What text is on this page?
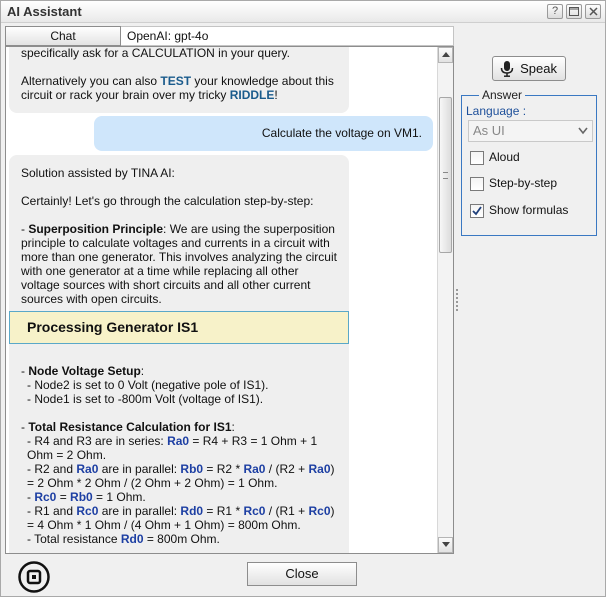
AI Assistant	?
Chat	OpenAI: gpt-4o

specifically ask for a CALCULATION in your query.

Alternatively you can also TEST your knowledge about this circuit or rack your brain over my tricky RIDDLE!

Calculate the voltage on VM1.

Solution assisted by TINA AI:

Certainly! Let's go through the calculation step-by-step:

- Superposition Principle: We are using the superposition principle to calculate voltages and currents in a circuit with more than one generator. This involves analyzing the circuit with one generator at a time while replacing all other voltage sources with short circuits and all other current sources with open circuits.

Processing Generator IS1
- Node Voltage Setup:
- Node2 is set to 0 Volt (negative pole of IS1).
- Node1 is set to -800m Volt (voltage of IS1).
- Total Resistance Calculation for IS1:
- R4 and R3 are in series: Ra0 = R4 + R3 = 1 Ohm + 1 Ohm = 2 Ohm.
- R2 and Ra0 are in parallel: Rb0 = R2 * Ra0 / (R2 + Ra0) = 2 Ohm * 2 Ohm / (2 Ohm + 2 Ohm) = 1 Ohm.
- Rc0 = Rb0 = 1 Ohm.
- R1 and Rc0 are in parallel: Rd0 = R1 * Rc0 / (R1 + Rc0) = 4 Ohm * 1 Ohm / (4 Ohm + 1 Ohm) = 800m Ohm.
- Total resistance Rd0 = 800m Ohm.
Speak
Answer
Language :
As UI
Aloud
Step-by-step
Show formulas
Close
